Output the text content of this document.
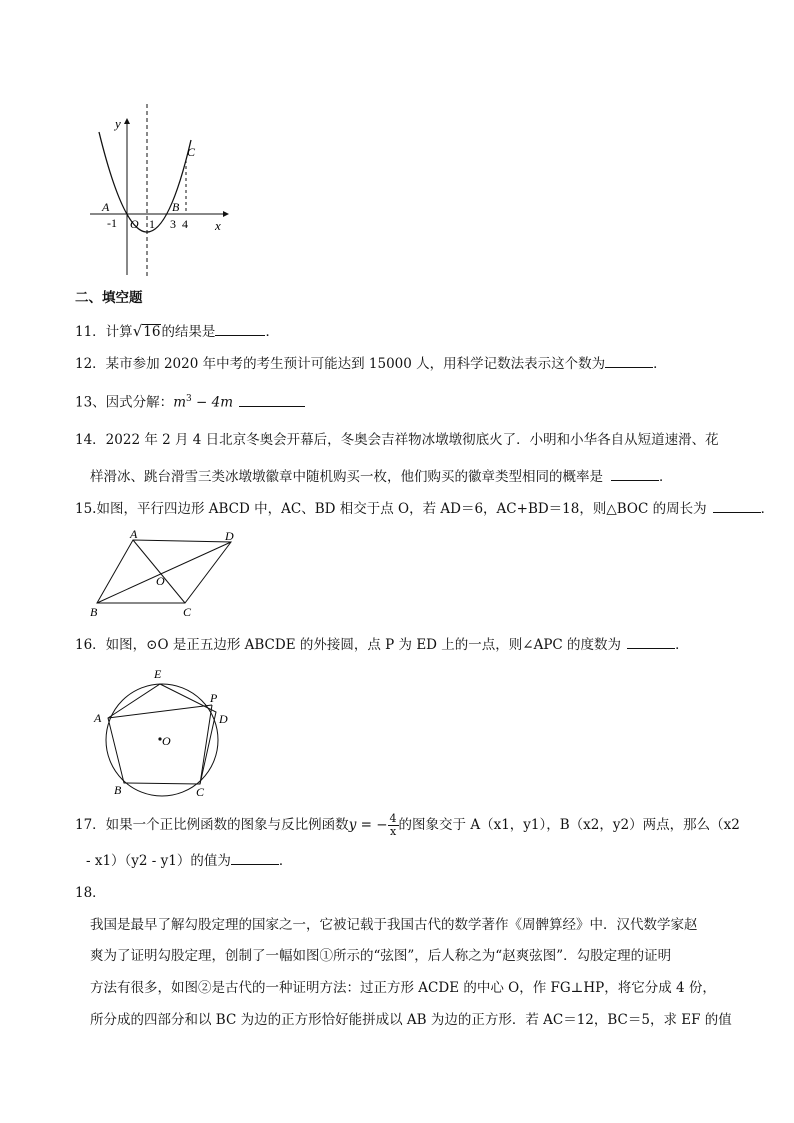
y
x
A	B
C
O
-1	1 3 4
二、填空题
11．计算√16的结果是	．
12．某市参加 2020 年中考的考生预计可能达到 15000 人，用科学记数法表示这个数为	．
13、因式分解：$m^3 - 4m$
14．2022 年 2 月 4 日北京冬奥会开幕后，冬奥会吉祥物冰墩墩彻底火了．小明和小华各自从短道速滑、花
样滑冰、跳台滑雪三类冰墩墩徽章中随机购买一枚，他们购买的徽章类型相同的概率是	．
15.如图，平行四边形 ABCD 中，AC、BD 相交于点 O，若 AD＝6，AC+BD＝18，则△BOC 的周长为	．
A	D
B	C
O
16．如图，⊙O 是正五边形 ABCDE 的外接圆，点 P 为 ED 上的一点，则∠APC 的度数为	．
E
P
D
A
O
B	C
17．如果一个正比例函数的图象与反比例函数y = − $\frac{4}{x}$ 的图象交于 A（x1，y1），B（x2，y2）两点，那么（x2
- x1）（y2 - y1）的值为	．
18．
我国是最早了解勾股定理的国家之一，它被记载于我国古代的数学著作《周髀算经》中．汉代数学家赵
爽为了证明勾股定理，创制了一幅如图①所示的“弦图”，后人称之为“赵爽弦图”．勾股定理的证明
方法有很多，如图②是古代的一种证明方法：过正方形 ACDE 的中心 O，作 FG⊥HP，将它分成 4 份，
所分成的四部分和以 BC 为边的正方形恰好能拼成以 AB 为边的正方形．若 AC＝12，BC＝5，求 EF 的值
